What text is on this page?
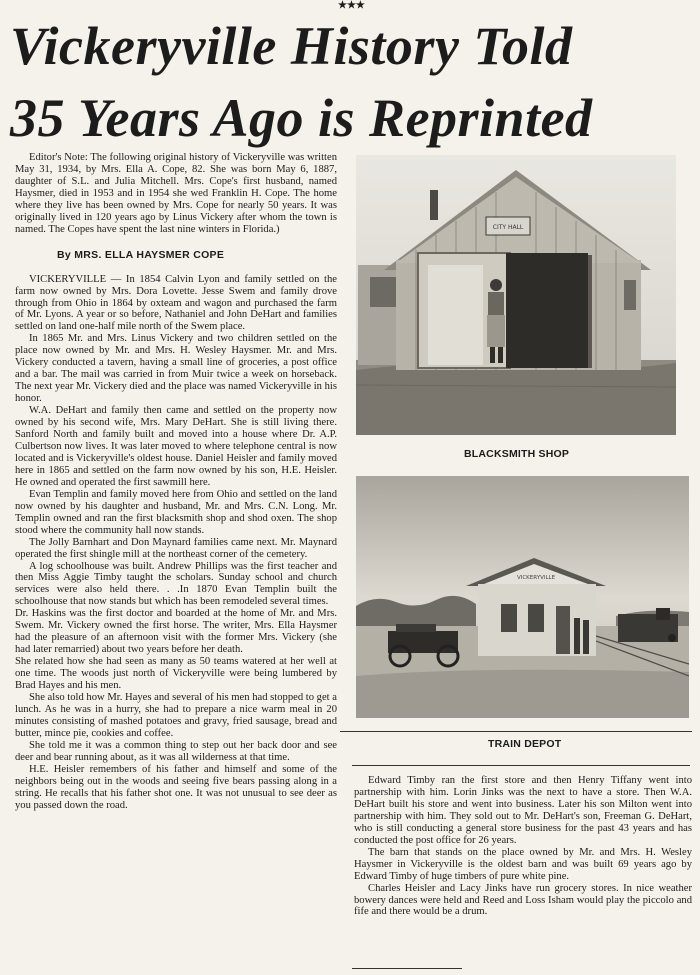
★★★
Vickeryville History Told
35 Years Ago is Reprinted

Editor's Note: The following original history of Vickeryville was written May 31, 1934, by Mrs. Ella A. Cope, 82. She was born May 6, 1887, daughter of S.L. and Julia Mitchell. Mrs. Cope's first husband, named Haysmer, died in 1953 and in 1954 she wed Franklin H. Cope. The home where they live has been owned by Mrs. Cope for nearly 50 years. It was originally lived in 120 years ago by Linus Vickery after whom the town is named. The Copes have spent the last nine winters in Florida.)

By MRS. ELLA HAYSMER COPE

VICKERYVILLE — In 1854 Calvin Lyon and family settled on the farm now owned by Mrs. Dora Lovette. Jesse Swem and family drove through from Ohio in 1864 by oxteam and wagon and purchased the farm of Mr. Lyons. A year or so before, Nathaniel and John DeHart and families settled on land one-half mile north of the Swem place.

In 1865 Mr. and Mrs. Linus Vickery and two children settled on the place now owned by Mr. and Mrs. H. Wesley Haysmer. Mr. and Mrs. Vickery conducted a tavern, having a small line of groceries, a post office and a bar. The mail was carried in from Muir twice a week on horseback. The next year Mr. Vickery died and the place was named Vickeryville in his honor.

W.A. DeHart and family then came and settled on the property now owned by his second wife, Mrs. Mary DeHart. She is still living there. Sanford North and family built and moved into a house where Dr. A.P. Culbertson now lives. It was later moved to where telephone central is now located and is Vickeryville's oldest house. Daniel Heisler and family moved here in 1865 and settled on the farm now owned by his son, H.E. Heisler. He owned and operated the first sawmill here.

Evan Templin and family moved here from Ohio and settled on the land now owned by his daughter and husband, Mr. and Mrs. C.N. Long. Mr. Templin owned and ran the first blacksmith shop and shod oxen. The shop stood where the community hall now stands.

The Jolly Barnhart and Don Maynard families came next. Mr. Maynard operated the first shingle mill at the northeast corner of the cemetery.

A log schoolhouse was built. Andrew Phillips was the first teacher and then Miss Aggie Timby taught the scholars. Sunday school and church services were also held there. . .In 1870 Evan Templin built the schoolhouse that now stands but which has been remodeled several times.

Dr. Haskins was the first doctor and boarded at the home of Mr. and Mrs. Swem. Mr. Vickery owned the first horse. The writer, Mrs. Ella Haysmer had the pleasure of an afternoon visit with the former Mrs. Vickery (she had later remarried) about two years before her death.

She related how she had seen as many as 50 teams watered at her well at one time. The woods just north of Vickeryville were being lumbered by Brad Hayes and his men.

She also told how Mr. Hayes and several of his men had stopped to get a lunch. As he was in a hurry, she had to prepare a nice warm meal in 20 minutes consisting of mashed potatoes and gravy, fried sausage, bread and butter, mince pie, cookies and coffee.

She told me it was a common thing to step out her back door and see deer and bear running about, as it was all wilderness at that time.

H.E. Heisler remembers of his father and himself and some of the neighbors being out in the woods and seeing five bears passing along in a string. He recalls that his father shot one. It was not unusual to see deer as you passed down the road.

CITY HALL
BLACKSMITH SHOP
VICKERYVILLE
TRAIN DEPOT

Edward Timby ran the first store and then Henry Tiffany went into partnership with him. Lorin Jinks was the next to have a store. Then W.A. DeHart built his store and went into business. Later his son Milton went into partnership with him. They sold out to Mr. DeHart's son, Freeman G. DeHart, who is still conducting a general store business for the past 43 years and has conducted the post office for 26 years.

The barn that stands on the place owned by Mr. and Mrs. H. Wesley Haysmer in Vickeryville is the oldest barn and was built 69 years ago by Edward Timby of huge timbers of pure white pine.

Charles Heisler and Lacy Jinks have run grocery stores. In nice weather bowery dances were held and Reed and Loss Isham would play the piccolo and fife and there would be a drum.
